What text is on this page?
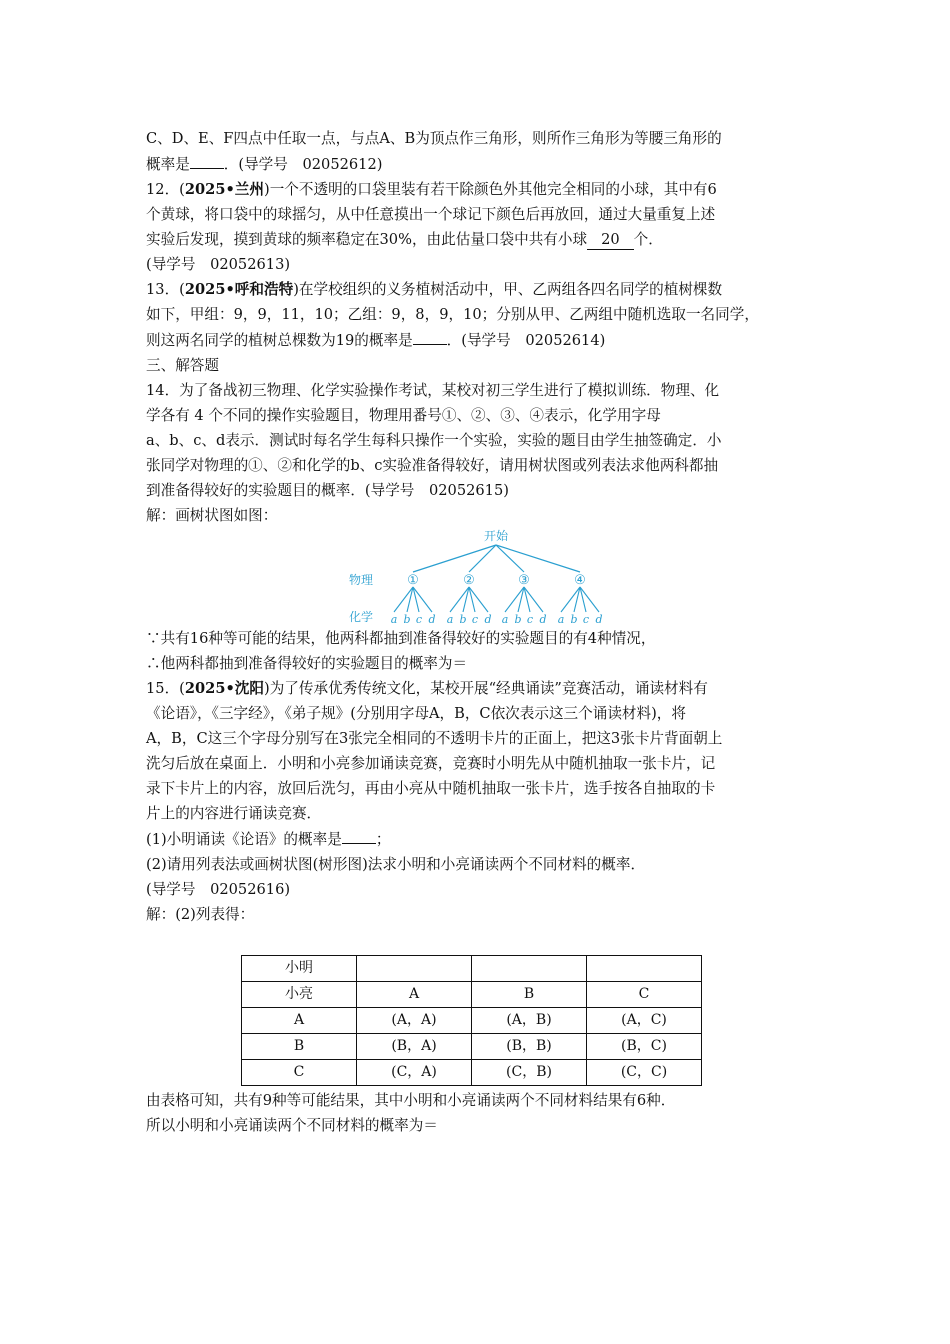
C、D、E、F四点中任取一点，与点A、B为顶点作三角形，则所作三角形为等腰三角形的
概率是 ．(导学号　02052612)
12．(2025•兰州)一个不透明的口袋里装有若干除颜色外其他完全相同的小球，其中有6
个黄球，将口袋中的球摇匀，从中任意摸出一个球记下颜色后再放回，通过大量重复上述
实验后发现，摸到黄球的频率稳定在30%，由此估量口袋中共有小球 20 个．
(导学号　02052613)
13．(2025•呼和浩特)在学校组织的义务植树活动中，甲、乙两组各四名同学的植树棵数
如下，甲组：9，9，11，10；乙组：9，8，9，10；分别从甲、乙两组中随机选取一名同学，
则这两名同学的植树总棵数为19的概率是 ．(导学号　02052614)
三、解答题
14．为了备战初三物理、化学实验操作考试，某校对初三学生进行了模拟训练．物理、化
学各有 4 个不同的操作实验题目，物理用番号①、②、③、④表示，化学用字母
a、b、c、d表示．测试时每名学生每科只操作一个实验，实验的题目由学生抽签确定．小
张同学对物理的①、②和化学的b、c实验准备得较好，请用树状图或列表法求他两科都抽
到准备得较好的实验题目的概率．(导学号　02052615)
解：画树状图如图：
开始
物理
化学
①
a b c d
②
a b c d
③
a b c d
④
a b c d
∵共有16种等可能的结果，他两科都抽到准备得较好的实验题目的有4种情况，
∴他两科都抽到准备得较好的实验题目的概率为＝
15．(2025•沈阳)为了传承优秀传统文化，某校开展“经典诵读”竞赛活动，诵读材料有
《论语》，《三字经》，《弟子规》(分别用字母A，B，C依次表示这三个诵读材料)，将
A，B，C这三个字母分别写在3张完全相同的不透明卡片的正面上，把这3张卡片背面朝上
洗匀后放在桌面上．小明和小亮参加诵读竞赛，竞赛时小明先从中随机抽取一张卡片，记
录下卡片上的内容，放回后洗匀，再由小亮从中随机抽取一张卡片，选手按各自抽取的卡
片上的内容进行诵读竞赛．
(1)小明诵读《论语》的概率是 ；
(2)请用列表法或画树状图(树形图)法求小明和小亮诵读两个不同材料的概率．
(导学号　02052616)
解：(2)列表得：
小明			
小亮	A	B	C
A	(A，A)	(A，B)	(A，C)
B	(B，A)	(B，B)	(B，C)
C	(C，A)	(C，B)	(C，C)
由表格可知，共有9种等可能结果，其中小明和小亮诵读两个不同材料结果有6种．
所以小明和小亮诵读两个不同材料的概率为＝
